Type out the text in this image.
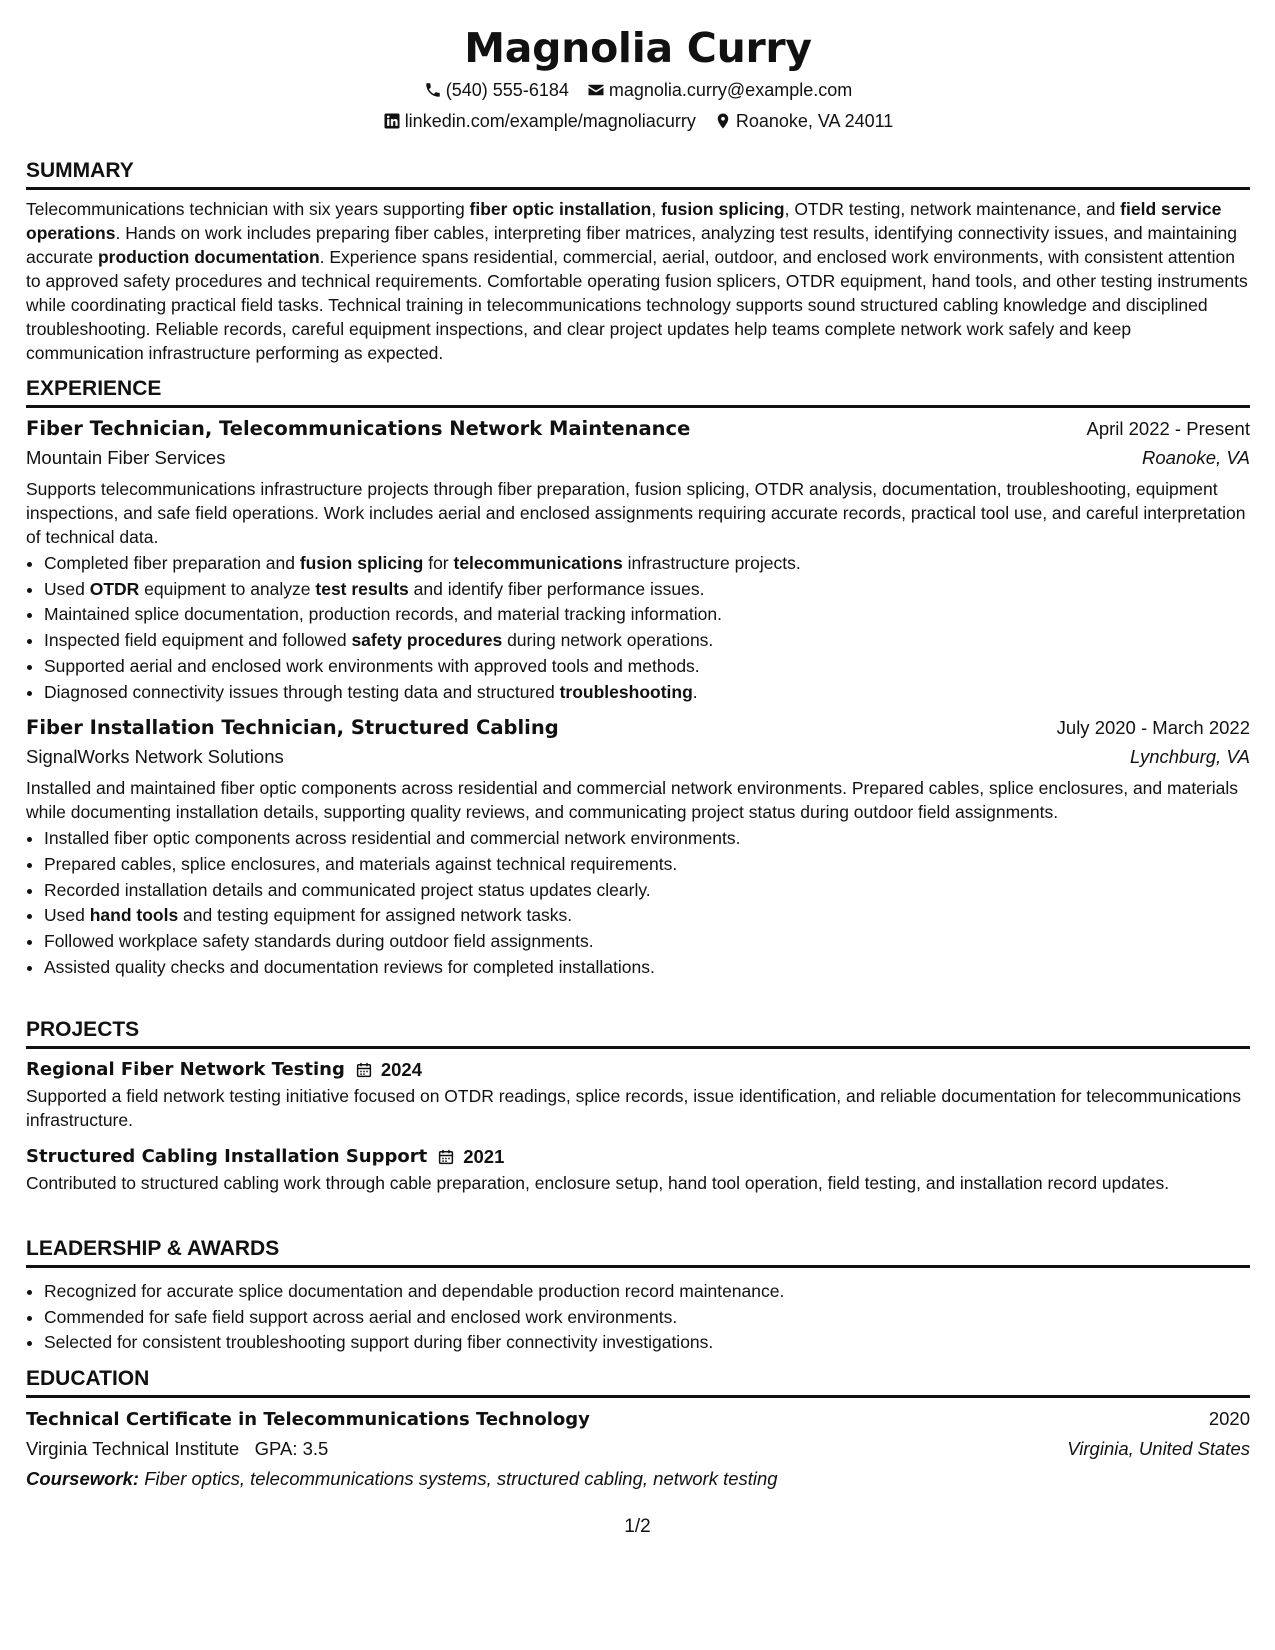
Magnolia Curry
(540) 555-6184 magnolia.curry@example.com
linkedin.com/example/magnoliacurry Roanoke, VA 24011
SUMMARY

Telecommunications technician with six years supporting fiber optic installation, fusion splicing, OTDR testing, network maintenance, and field service operations. Hands on work includes preparing fiber cables, interpreting fiber matrices, analyzing test results, identifying connectivity issues, and maintaining accurate production documentation. Experience spans residential, commercial, aerial, outdoor, and enclosed work environments, with consistent attention to approved safety procedures and technical requirements. Comfortable operating fusion splicers, OTDR equipment, hand tools, and other testing instruments while coordinating practical field tasks. Technical training in telecommunications technology supports sound structured cabling knowledge and disciplined troubleshooting. Reliable records, careful equipment inspections, and clear project updates help teams complete network work safely and keep communication infrastructure performing as expected.

EXPERIENCE
Fiber Technician, Telecommunications Network Maintenance	April 2022 - Present
Mountain Fiber Services	Roanoke, VA

Supports telecommunications infrastructure projects through fiber preparation, fusion splicing, OTDR analysis, documentation, troubleshooting, equipment inspections, and safe field operations. Work includes aerial and enclosed assignments requiring accurate records, practical tool use, and careful interpretation of technical data.

• Completed fiber preparation and fusion splicing for telecommunications infrastructure projects.
• Used OTDR equipment to analyze test results and identify fiber performance issues.
• Maintained splice documentation, production records, and material tracking information.
• Inspected field equipment and followed safety procedures during network operations.
• Supported aerial and enclosed work environments with approved tools and methods.
• Diagnosed connectivity issues through testing data and structured troubleshooting.
Fiber Installation Technician, Structured Cabling	July 2020 - March 2022
SignalWorks Network Solutions	Lynchburg, VA

Installed and maintained fiber optic components across residential and commercial network environments. Prepared cables, splice enclosures, and materials while documenting installation details, supporting quality reviews, and communicating project status during outdoor field assignments.

• Installed fiber optic components across residential and commercial network environments.
• Prepared cables, splice enclosures, and materials against technical requirements.
• Recorded installation details and communicated project status updates clearly.
• Used hand tools and testing equipment for assigned network tasks.
• Followed workplace safety standards during outdoor field assignments.
• Assisted quality checks and documentation reviews for completed installations.
PROJECTS
Regional Fiber Network Testing 2024

Supported a field network testing initiative focused on OTDR readings, splice records, issue identification, and reliable documentation for telecommunications infrastructure.

Structured Cabling Installation Support 2021

Contributed to structured cabling work through cable preparation, enclosure setup, hand tool operation, field testing, and installation record updates.

LEADERSHIP & AWARDS
• Recognized for accurate splice documentation and dependable production record maintenance.
• Commended for safe field support across aerial and enclosed work environments.
• Selected for consistent troubleshooting support during fiber connectivity investigations.
EDUCATION
Technical Certificate in Telecommunications Technology	2020
Virginia Technical Institute GPA: 3.5	Virginia, United States
Coursework: Fiber optics, telecommunications systems, structured cabling, network testing
1/2
